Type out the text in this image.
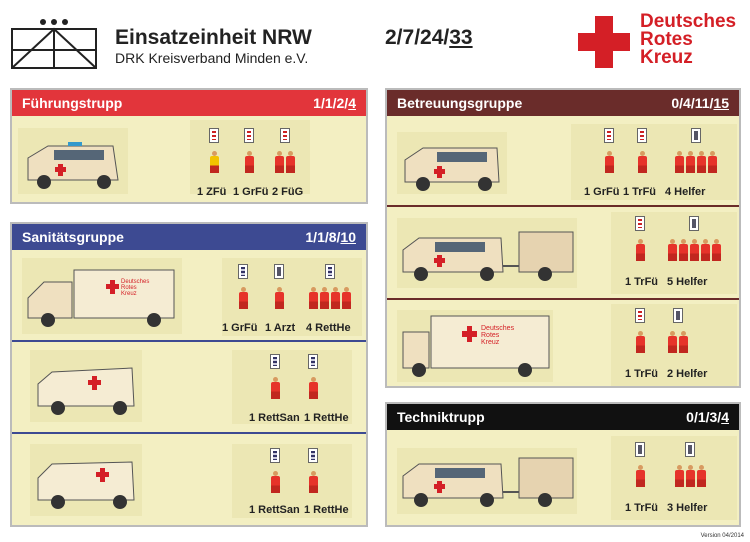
Einsatzeinheit NRW
DRK Kreisverband Minden e.V.
2/7/24/33
Deutsches
Rotes
Kreuz
Führungstrupp	1/1/2/4
1 ZFü 1 GrFü 2 FüG
Sanitätsgruppe	1/1/8/10
Deutsches
Rotes
Kreuz
1 GrFü 1 Arzt 4 RettHe
1 RettSan 1 RettHe
1 RettSan 1 RettHe
Betreuungsgruppe	0/4/11/15
1 GrFü 1 TrFü 4 Helfer
1 TrFü 5 Helfer
Deutsches
Rotes
Kreuz
1 TrFü 2 Helfer
Techniktrupp	0/1/3/4
1 TrFü 3 Helfer
Version 04/2014
